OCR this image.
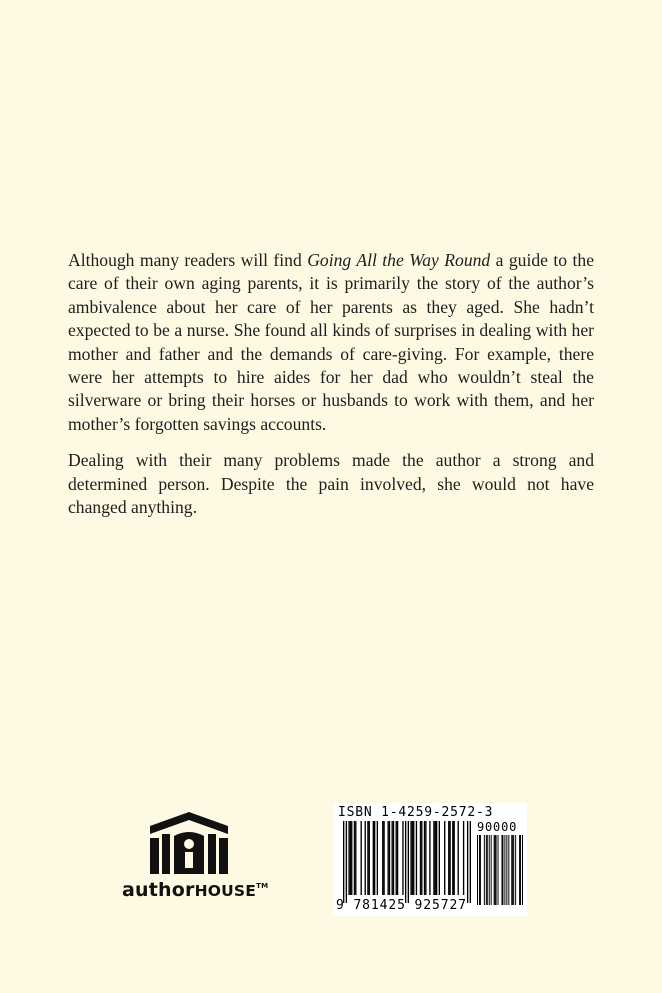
Although many readers will find Going All the Way Round a guide to the care of their own aging parents, it is primarily the story of the author’s ambivalence about her care of her parents as they aged. She hadn’t expected to be a nurse. She found all kinds of surprises in dealing with her mother and father and the demands of care-giving. For example, there were her attempts to hire aides for her dad who wouldn’t steal the silverware or bring their horses or husbands to work with them, and her mother’s forgotten savings accounts.

Dealing with their many problems made the author a strong and determined person. Despite the pain involved, she would not have changed anything.

authorHOUSE™
ISBN 1-4259-2572-3
90000
9 781425 925727
